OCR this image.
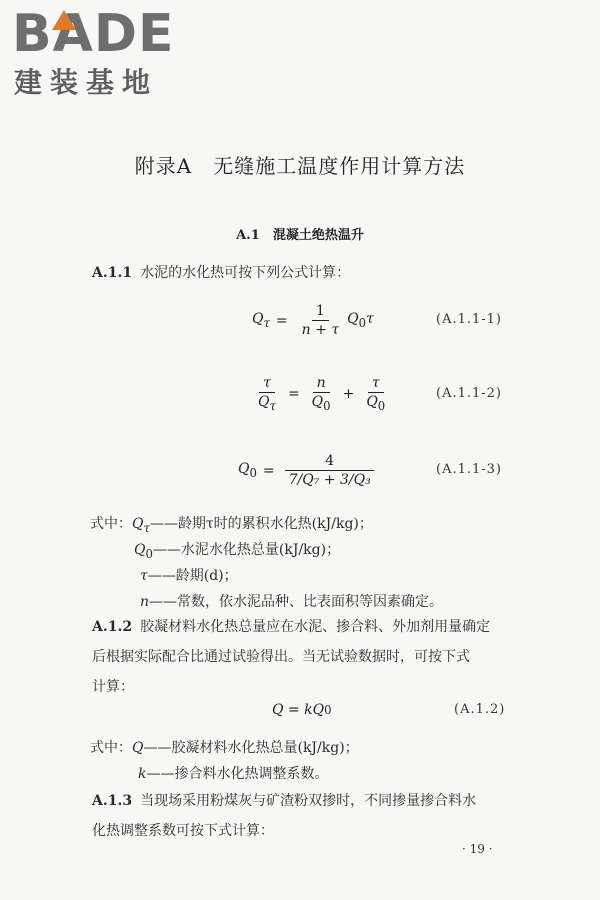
BADE
建装基地
附录A　无缝施工温度作用计算方法
A.1　混凝土绝热温升
A.1.1 水泥的水化热可按下列公式计算：
$Q_\tau = \frac{1}{n + \tau} Q_0\tau$	(A.1.1-1)
$\frac{\tau}{Q_\tau} = \frac{n}{Q_0} + \frac{\tau}{Q_0}$	(A.1.1-2)
$Q_0 = \frac{4}{\text{7/Q₇ + 3/Q₃}}$	(A.1.1-3)
式中：$Q_\tau——$龄期τ时的累积水化热(kJ/kg)；
$Q_0——$水泥水化热总量(kJ/kg)；
τ——龄期(d)；
n——常数，依水泥品种、比表面积等因素确定。
A.1.2 胶凝材料水化热总量应在水泥、掺合料、外加剂用量确定
后根据实际配合比通过试验得出。当无试验数据时，可按下式
计算：
Q = kQ 0	(A.1.2)
式中：Q——胶凝材料水化热总量(kJ/kg)；
k——掺合料水化热调整系数。
A.1.3 当现场采用粉煤灰与矿渣粉双掺时，不同掺量掺合料水
化热调整系数可按下式计算：
· 19 ·
